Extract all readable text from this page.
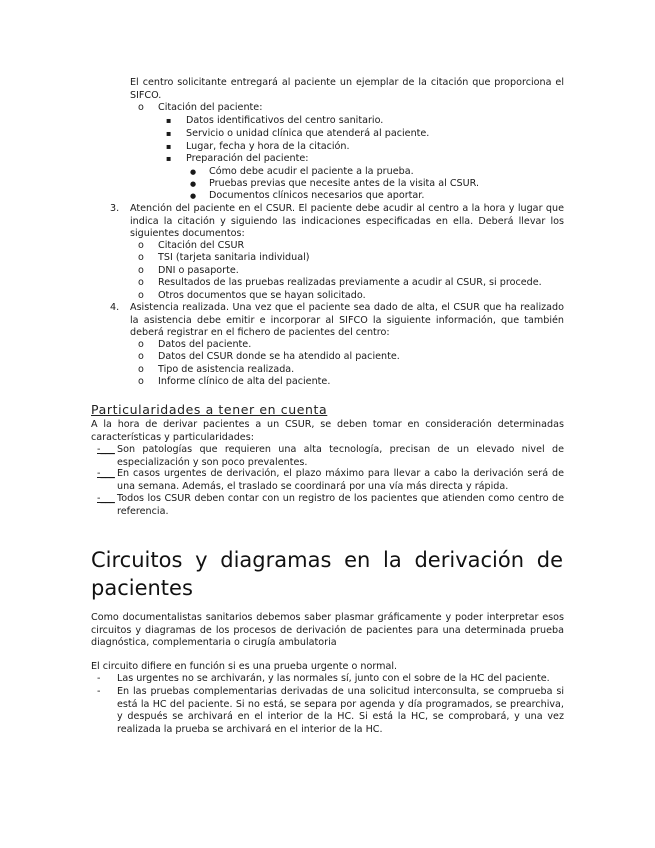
El centro solicitante entregará al paciente un ejemplar de la citación que proporciona el SIFCO.
o Citación del paciente:
▪ Datos identificativos del centro sanitario.
▪ Servicio o unidad clínica que atenderá al paciente.
▪ Lugar, fecha y hora de la citación.
▪ Preparación del paciente:
● Cómo debe acudir el paciente a la prueba.
● Pruebas previas que necesite antes de la visita al CSUR.
● Documentos clínicos necesarios que aportar.
3. Atención del paciente en el CSUR. El paciente debe acudir al centro a la hora y lugar que indica la citación y siguiendo las indicaciones especificadas en ella. Deberá llevar los siguientes documentos:
o Citación del CSUR
o TSI (tarjeta sanitaria individual)
o DNI o pasaporte.
o Resultados de las pruebas realizadas previamente a acudir al CSUR, si procede.
o Otros documentos que se hayan solicitado.
4. Asistencia realizada. Una vez que el paciente sea dado de alta, el CSUR que ha realizado la asistencia debe emitir e incorporar al SIFCO la siguiente información, que también deberá registrar en el fichero de pacientes del centro:
o Datos del paciente.
o Datos del CSUR donde se ha atendido al paciente.
o Tipo de asistencia realizada.
o Informe clínico de alta del paciente.
Particularidades a tener en cuenta
A la hora de derivar pacientes a un CSUR, se deben tomar en consideración determinadas características y particularidades:
-___ Son patologías que requieren una alta tecnología, precisan de un elevado nivel de especialización y son poco prevalentes.
-___ En casos urgentes de derivación, el plazo máximo para llevar a cabo la derivación será de una semana. Además, el traslado se coordinará por una vía más directa y rápida.
-___ Todos los CSUR deben contar con un registro de los pacientes que atienden como centro de referencia.
Circuitos y diagramas en la derivación de pacientes
Como documentalistas sanitarios debemos saber plasmar gráficamente y poder interpretar esos circuitos y diagramas de los procesos de derivación de pacientes para una determinada prueba diagnóstica, complementaria o cirugía ambulatoria
El circuito difiere en función si es una prueba urgente o normal.
- Las urgentes no se archivarán, y las normales sí, junto con el sobre de la HC del paciente.
- En las pruebas complementarias derivadas de una solicitud interconsulta, se comprueba si está la HC del paciente. Si no está, se separa por agenda y día programados, se prearchiva, y después se archivará en el interior de la HC. Si está la HC, se comprobará, y una vez realizada la prueba se archivará en el interior de la HC.
